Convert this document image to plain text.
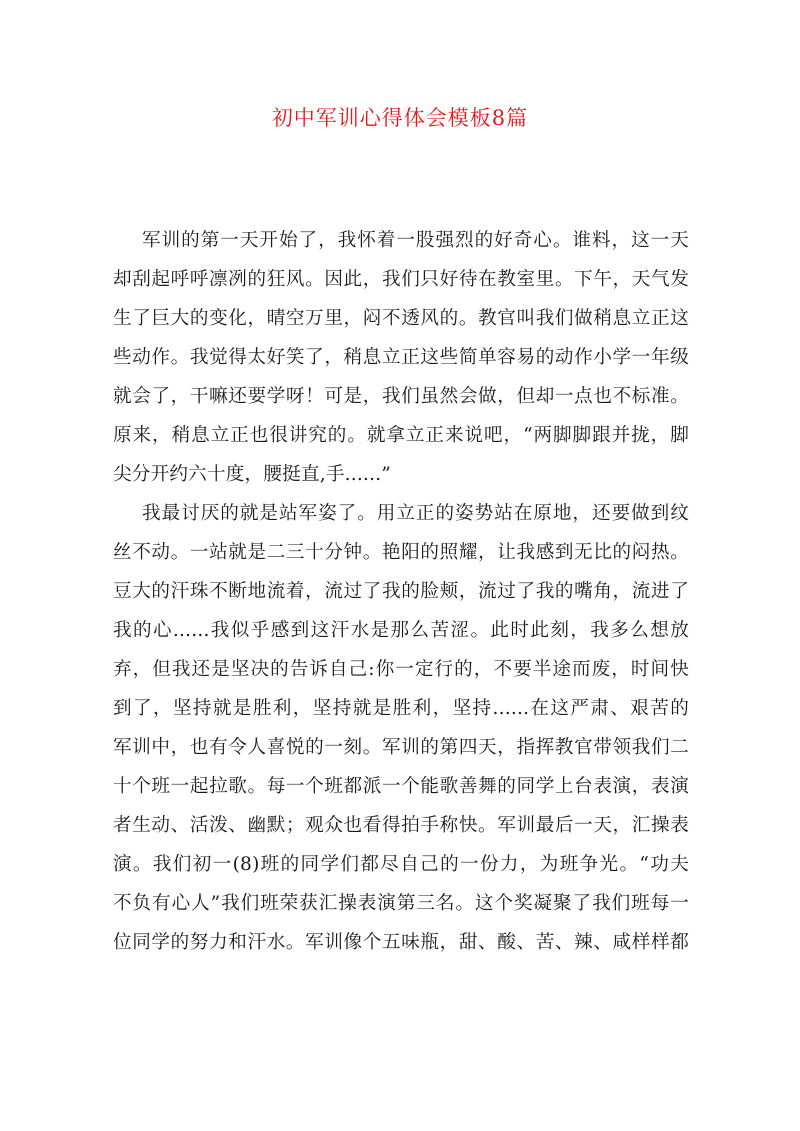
初中军训心得体会模板8篇
军训的第一天开始了，我怀着一股强烈的好奇心。谁料，这一天
却刮起呼呼凛冽的狂风。因此，我们只好待在教室里。下午，天气发
生了巨大的变化，晴空万里，闷不透风的。教官叫我们做稍息立正这
些动作。我觉得太好笑了，稍息立正这些简单容易的动作小学一年级
就会了，干嘛还要学呀！可是，我们虽然会做，但却一点也不标准。
原来，稍息立正也很讲究的。就拿立正来说吧，“两脚脚跟并拢，脚
尖分开约六十度，腰挺直,手......”
我最讨厌的就是站军姿了。用立正的姿势站在原地，还要做到纹
丝不动。一站就是二三十分钟。艳阳的照耀，让我感到无比的闷热。
豆大的汗珠不断地流着，流过了我的脸颊，流过了我的嘴角，流进了
我的心......我似乎感到这汗水是那么苦涩。此时此刻，我多么想放
弃，但我还是坚决的告诉自己:你一定行的，不要半途而废，时间快
到了，坚持就是胜利，坚持就是胜利，坚持......在这严肃、艰苦的
军训中，也有令人喜悦的一刻。军训的第四天，指挥教官带领我们二
十个班一起拉歌。每一个班都派一个能歌善舞的同学上台表演，表演
者生动、活泼、幽默；观众也看得拍手称快。军训最后一天，汇操表
演。我们初一(8)班的同学们都尽自己的一份力，为班争光。“功夫
不负有心人”我们班荣获汇操表演第三名。这个奖凝聚了我们班每一
位同学的努力和汗水。军训像个五味瓶，甜、酸、苦、辣、咸样样都
